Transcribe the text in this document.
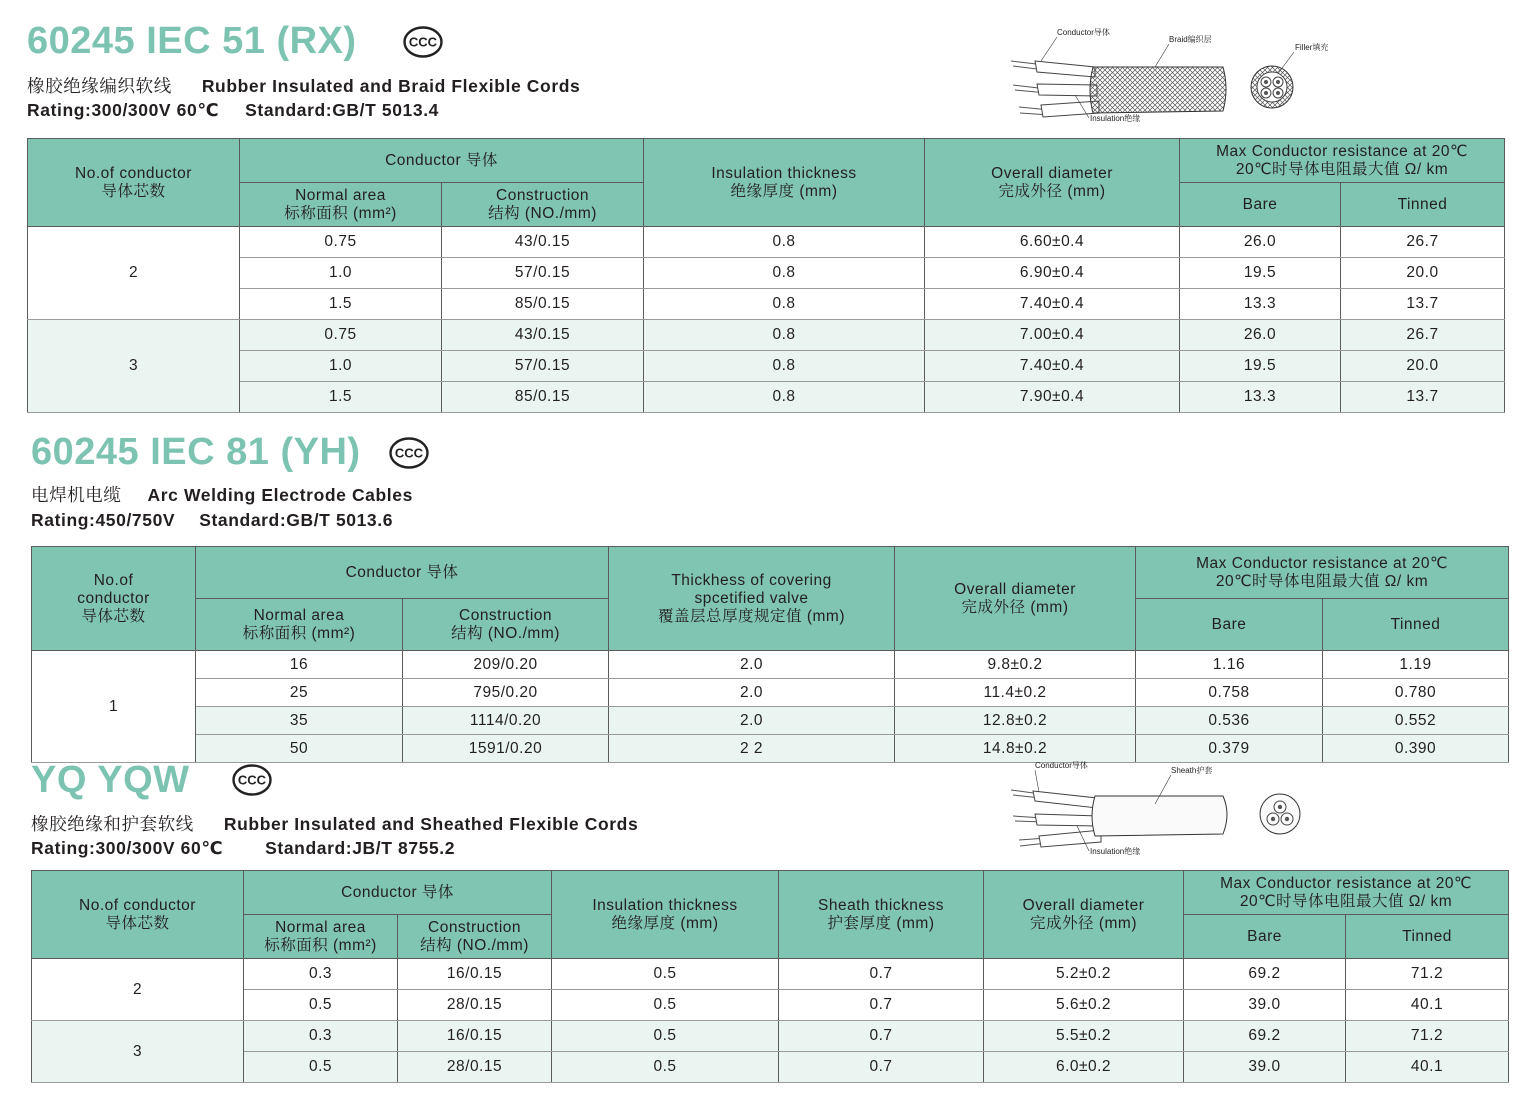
60245 IEC 51 (RX)	CCC
橡胶绝缘编织软线 Rubber Insulated and Braid Flexible Cords
Rating:300/300V 60℃ Standard:GB/T 5013.4
Conductor导体
Braid编织层
Filler填充
Insulation绝缘
No.of conductor
导体芯数	Conductor 导体		Insulation thickness
绝缘厚度 (mm)	Overall diameter
完成外径 (mm)	Max Conductor resistance at 20℃
20℃时导体电阻最大值 Ω/ km	
	Normal area
标称面积 (mm²)	Construction
结构 (NO./mm)			Bare	Tinned
2	0.75	43/0.15	0.8	6.60±0.4	26.0	26.7
	1.0	57/0.15	0.8	6.90±0.4	19.5	20.0
	1.5	85/0.15	0.8	7.40±0.4	13.3	13.7
3	0.75	43/0.15	0.8	7.00±0.4	26.0	26.7
	1.0	57/0.15	0.8	7.40±0.4	19.5	20.0
	1.5	85/0.15	0.8	7.90±0.4	13.3	13.7
60245 IEC 81 (YH)	CCC
电焊机电缆 Arc Welding Electrode Cables
Rating:450/750V Standard:GB/T 5013.6
No.of
conductor
导体芯数	Conductor 导体		Thickhess of covering
spcetified valve
覆盖层总厚度规定值 (mm)	Overall diameter
完成外径 (mm)	Max Conductor resistance at 20℃
20℃时导体电阻最大值 Ω/ km	
	Normal area
标称面积 (mm²)	Construction
结构 (NO./mm)			Bare	Tinned
1	16	209/0.20	2.0	9.8±0.2	1.16	1.19
	25	795/0.20	2.0	11.4±0.2	0.758	0.780
	35	1114/0.20	2.0	12.8±0.2	0.536	0.552
	50	1591/0.20	2 2	14.8±0.2	0.379	0.390
YQ YQW	CCC
橡胶绝缘和护套软线 Rubber Insulated and Sheathed Flexible Cords
Rating:300/300V 60℃ Standard:JB/T 8755.2
Conductor导体
Sheath护套
Insulation绝缘
No.of conductor
导体芯数	Conductor 导体		Insulation thickness
绝缘厚度 (mm)	Sheath thickness
护套厚度 (mm)	Overall diameter
完成外径 (mm)	Max Conductor resistance at 20℃
20℃时导体电阻最大值 Ω/ km	
	Normal area
标称面积 (mm²)	Construction
结构 (NO./mm)				Bare	Tinned
2	0.3	16/0.15	0.5	0.7	5.2±0.2	69.2	71.2
	0.5	28/0.15	0.5	0.7	5.6±0.2	39.0	40.1
3	0.3	16/0.15	0.5	0.7	5.5±0.2	69.2	71.2
	0.5	28/0.15	0.5	0.7	6.0±0.2	39.0	40.1
